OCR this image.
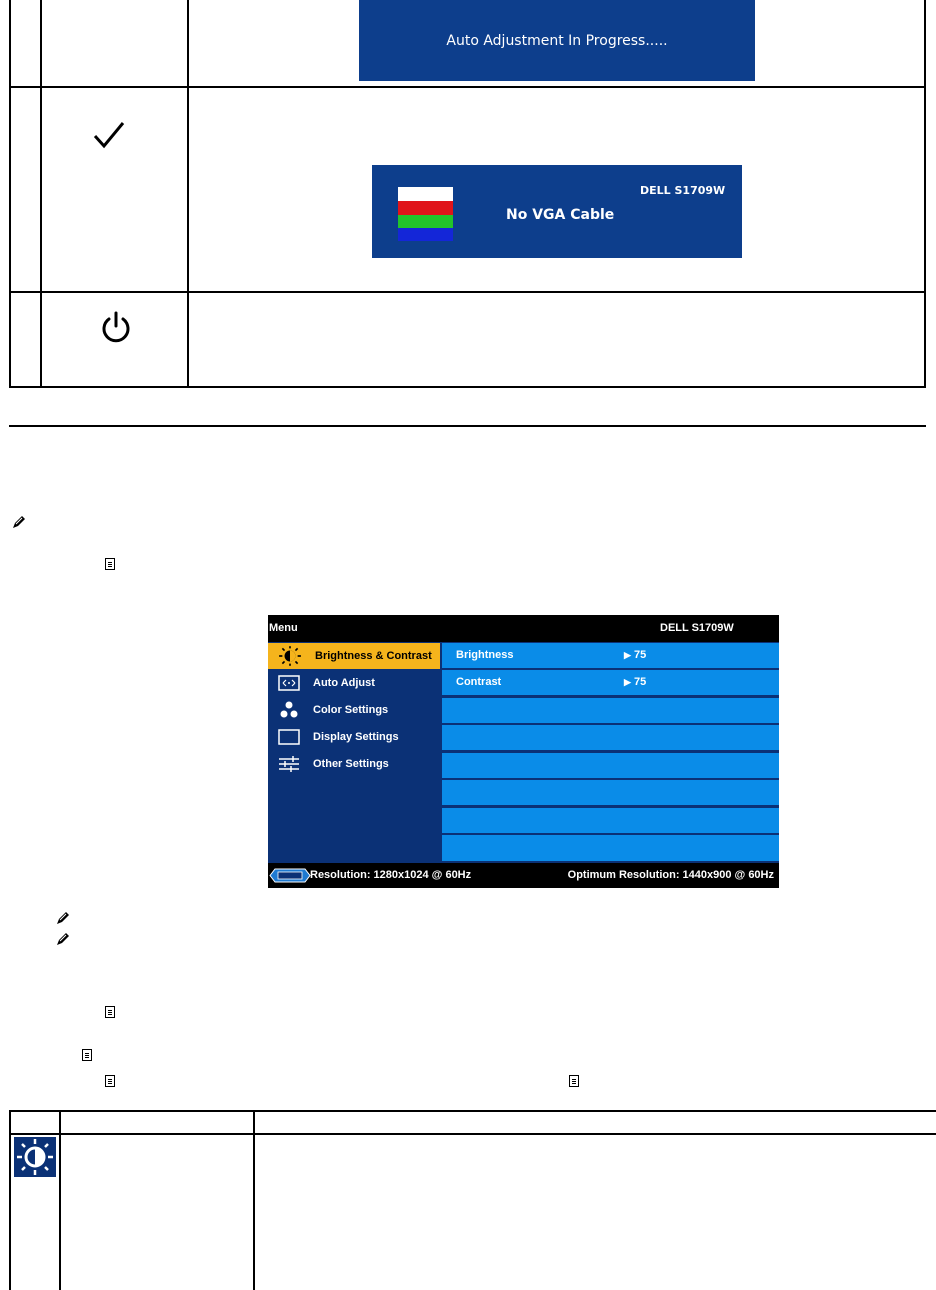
Auto Adjustment In Progress.....
DELL S1709W
No VGA Cable
Menu	DELL S1709W
Brightness & Contrast
Auto Adjust
Color Settings
Display Settings
Other Settings
Brightness	▶ 75
Contrast	▶ 75
Resolution: 1280x1024 @ 60Hz	Optimum Resolution: 1440x900 @ 60Hz
